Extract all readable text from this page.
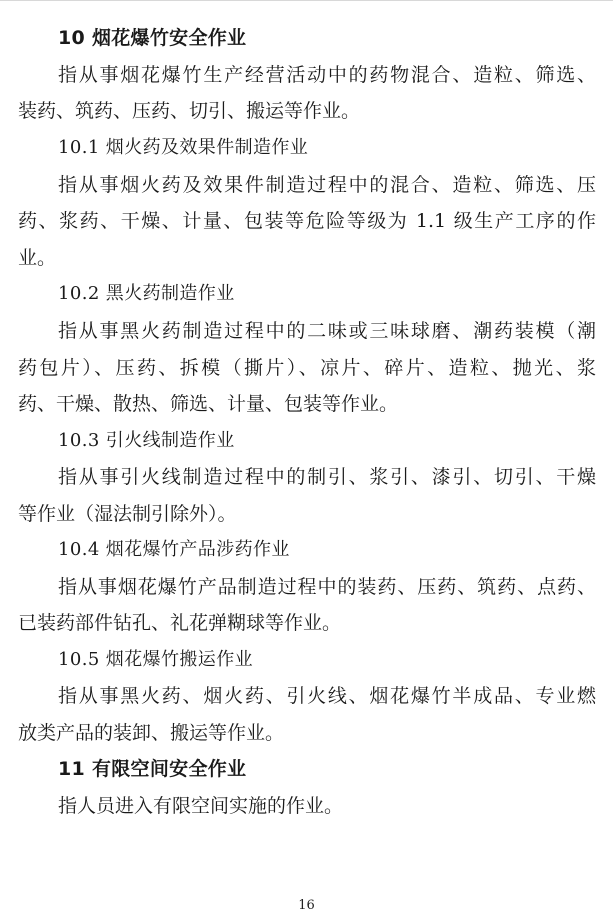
10 烟花爆竹安全作业
指从事烟花爆竹生产经营活动中的药物混合、造粒、筛选、
装药、筑药、压药、切引、搬运等作业。
10.1 烟火药及效果件制造作业
指从事烟火药及效果件制造过程中的混合、造粒、筛选、压
药、浆药、干燥、计量、包装等危险等级为 1.1 级生产工序的作
业。
10.2 黑火药制造作业
指从事黑火药制造过程中的二味或三味球磨、潮药装模（潮
药包片）、压药、拆模（撕片）、凉片、碎片、造粒、抛光、浆
药、干燥、散热、筛选、计量、包装等作业。
10.3 引火线制造作业
指从事引火线制造过程中的制引、浆引、漆引、切引、干燥
等作业（湿法制引除外）。
10.4 烟花爆竹产品涉药作业
指从事烟花爆竹产品制造过程中的装药、压药、筑药、点药、
已装药部件钻孔、礼花弹糊球等作业。
10.5 烟花爆竹搬运作业
指从事黑火药、烟火药、引火线、烟花爆竹半成品、专业燃
放类产品的装卸、搬运等作业。
11 有限空间安全作业
指人员进入有限空间实施的作业。
16
